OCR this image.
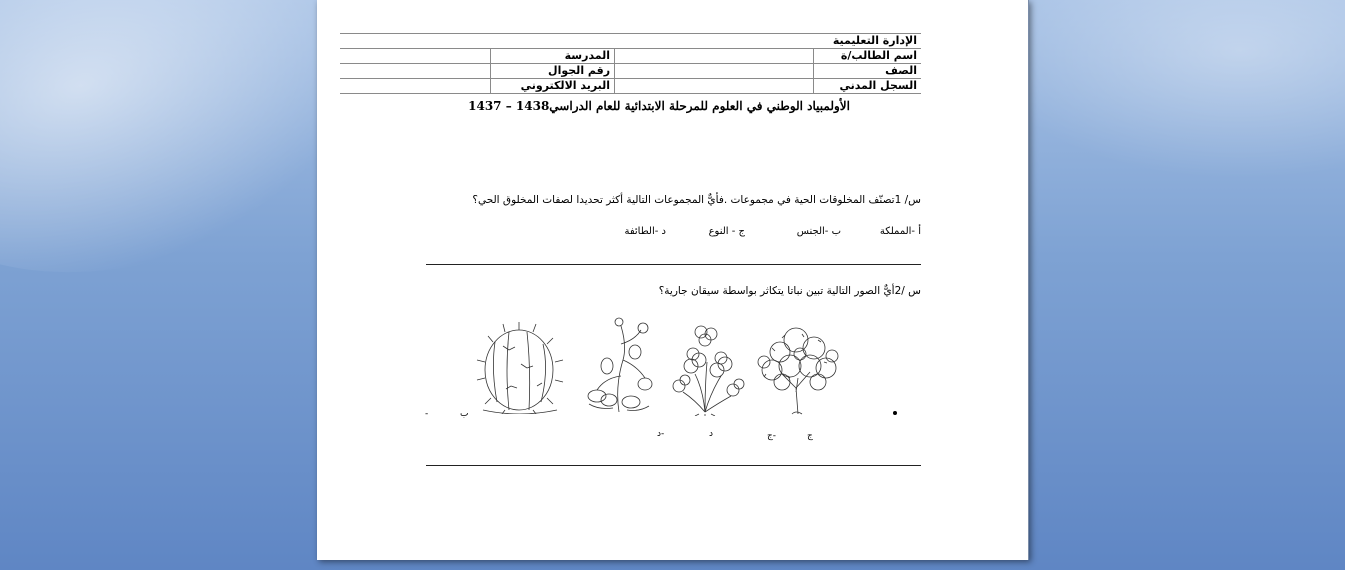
الإدارة التعليمية			
اسم الطالب/ة		المدرسة	
الصف		رقم الجوال	
السجل المدني		البريد الالكتروني	
الأولمبياد الوطني في العلوم للمرحلة الابتدائية للعام الدراسي1438 – 1437
س/ 1تصنّف المخلوقات الحية في مجموعات .فأيٌّ المجموعات التالية أكثر تحديدا لصفات المخلوق الحي؟
أ -المملكة
ب -الجنس
ج - النوع
د -الطائفة
س /2أيٌّ الصور التالية تبين نباتا يتكاثر بواسطة سيقان جارية؟
ج
-ج
د
-د
ب
-
